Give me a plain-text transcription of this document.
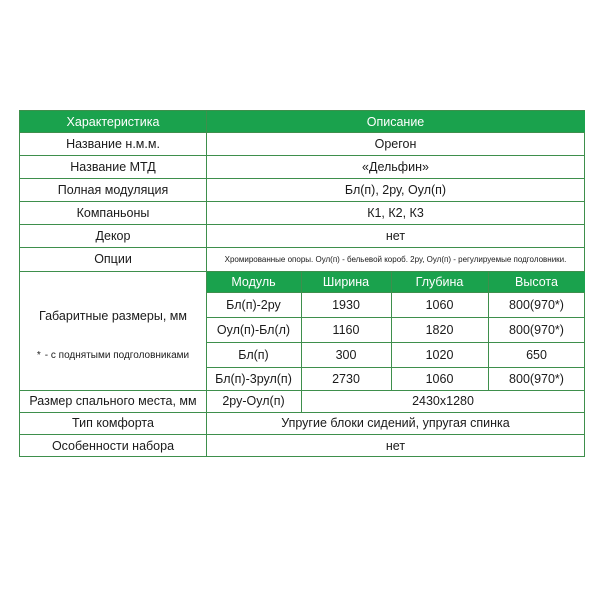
Характеристика	Описание
Название н.м.м.	Орегон
Название МТД	«Дельфин»
Полная модуляция	Бл(п), 2ру, Оул(п)
Компаньоны	К1, К2, К3
Декор	нет
Опции	Хромированные опоры. Оул(п) - бельевой короб. 2ру, Оул(п) - регулируемые подголовники.
Габаритные размеры, мм
* - с поднятыми подголовниками
Модуль	Ширина	Глубина	Высота
Бл(п)-2ру	1930	1060	800(970*)
Оул(п)-Бл(л)	1160	1820	800(970*)
Бл(п)	300	1020	650
Бл(п)-3рул(п)	2730	1060	800(970*)
Размер спального места, мм	2ру-Оул(п)	2430х1280
Тип комфорта	Упругие блоки сидений, упругая спинка
Особенности набора	нет
